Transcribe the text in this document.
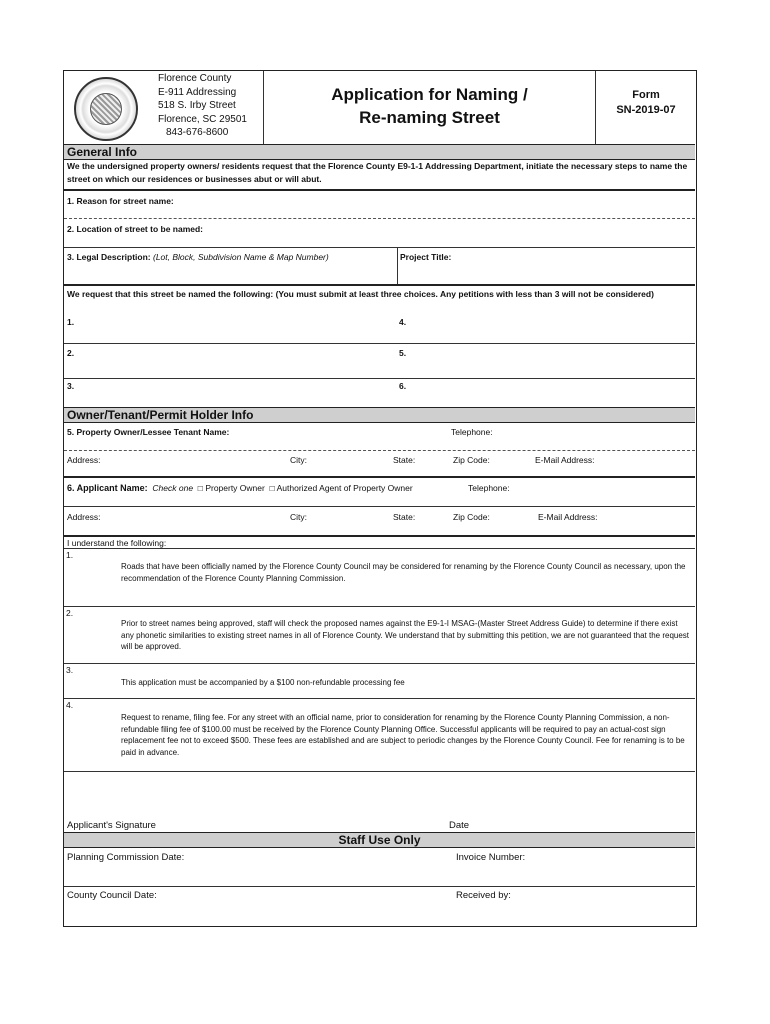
Florence County
E-911 Addressing
518 S. Irby Street
Florence, SC 29501
843-676-8600
Application for Naming /
Re-naming Street
Form
SN-2019-07
General Info
We the undersigned property owners/ residents request that the Florence County E9-1-1 Addressing Department, initiate the necessary steps to name the street on which our residences or businesses abut or will abut.
1. Reason for street name:
2. Location of street to be named:
3. Legal Description: (Lot, Block, Subdivision Name & Map Number)	Project Title:
We request that this street be named the following: (You must submit at least three choices. Any petitions with less than 3 will not be considered)
1.	4.
2.	5.
3.	6.
Owner/Tenant/Permit Holder Info
5. Property Owner/Lessee Tenant Name:	Telephone:
Address:	City:	State:	Zip Code:	E-Mail Address:
6. Applicant Name: Check one □ Property Owner □ Authorized Agent of Property Owner	Telephone:
Address:	City:	State:	Zip Code:	E-Mail Address:
I understand the following:
1.
Roads that have been officially named by the Florence County Council may be considered for renaming by the Florence County Council as necessary, upon the recommendation of the Florence County Planning Commission.
2.
Prior to street names being approved, staff will check the proposed names against the E9-1-I MSAG-(Master Street Address Guide) to determine if there exist any phonetic similarities to existing street names in all of Florence County. We understand that by submitting this petition, we are not guaranteed that the request will be approved.
3.
This application must be accompanied by a $100 non-refundable processing fee
4.
Request to rename, filing fee. For any street with an official name, prior to consideration for renaming by the Florence County Planning Commission, a non-refundable filing fee of $100.00 must be received by the Florence County Planning Office. Successful applicants will be required to pay an actual-cost sign replacement fee not to exceed $500. These fees are established and are subject to periodic changes by the Florence County Council. Fee for renaming is to be paid in advance.
Applicant's Signature	Date
Staff Use Only
Planning Commission Date:	Invoice Number:
County Council Date:	Received by:
